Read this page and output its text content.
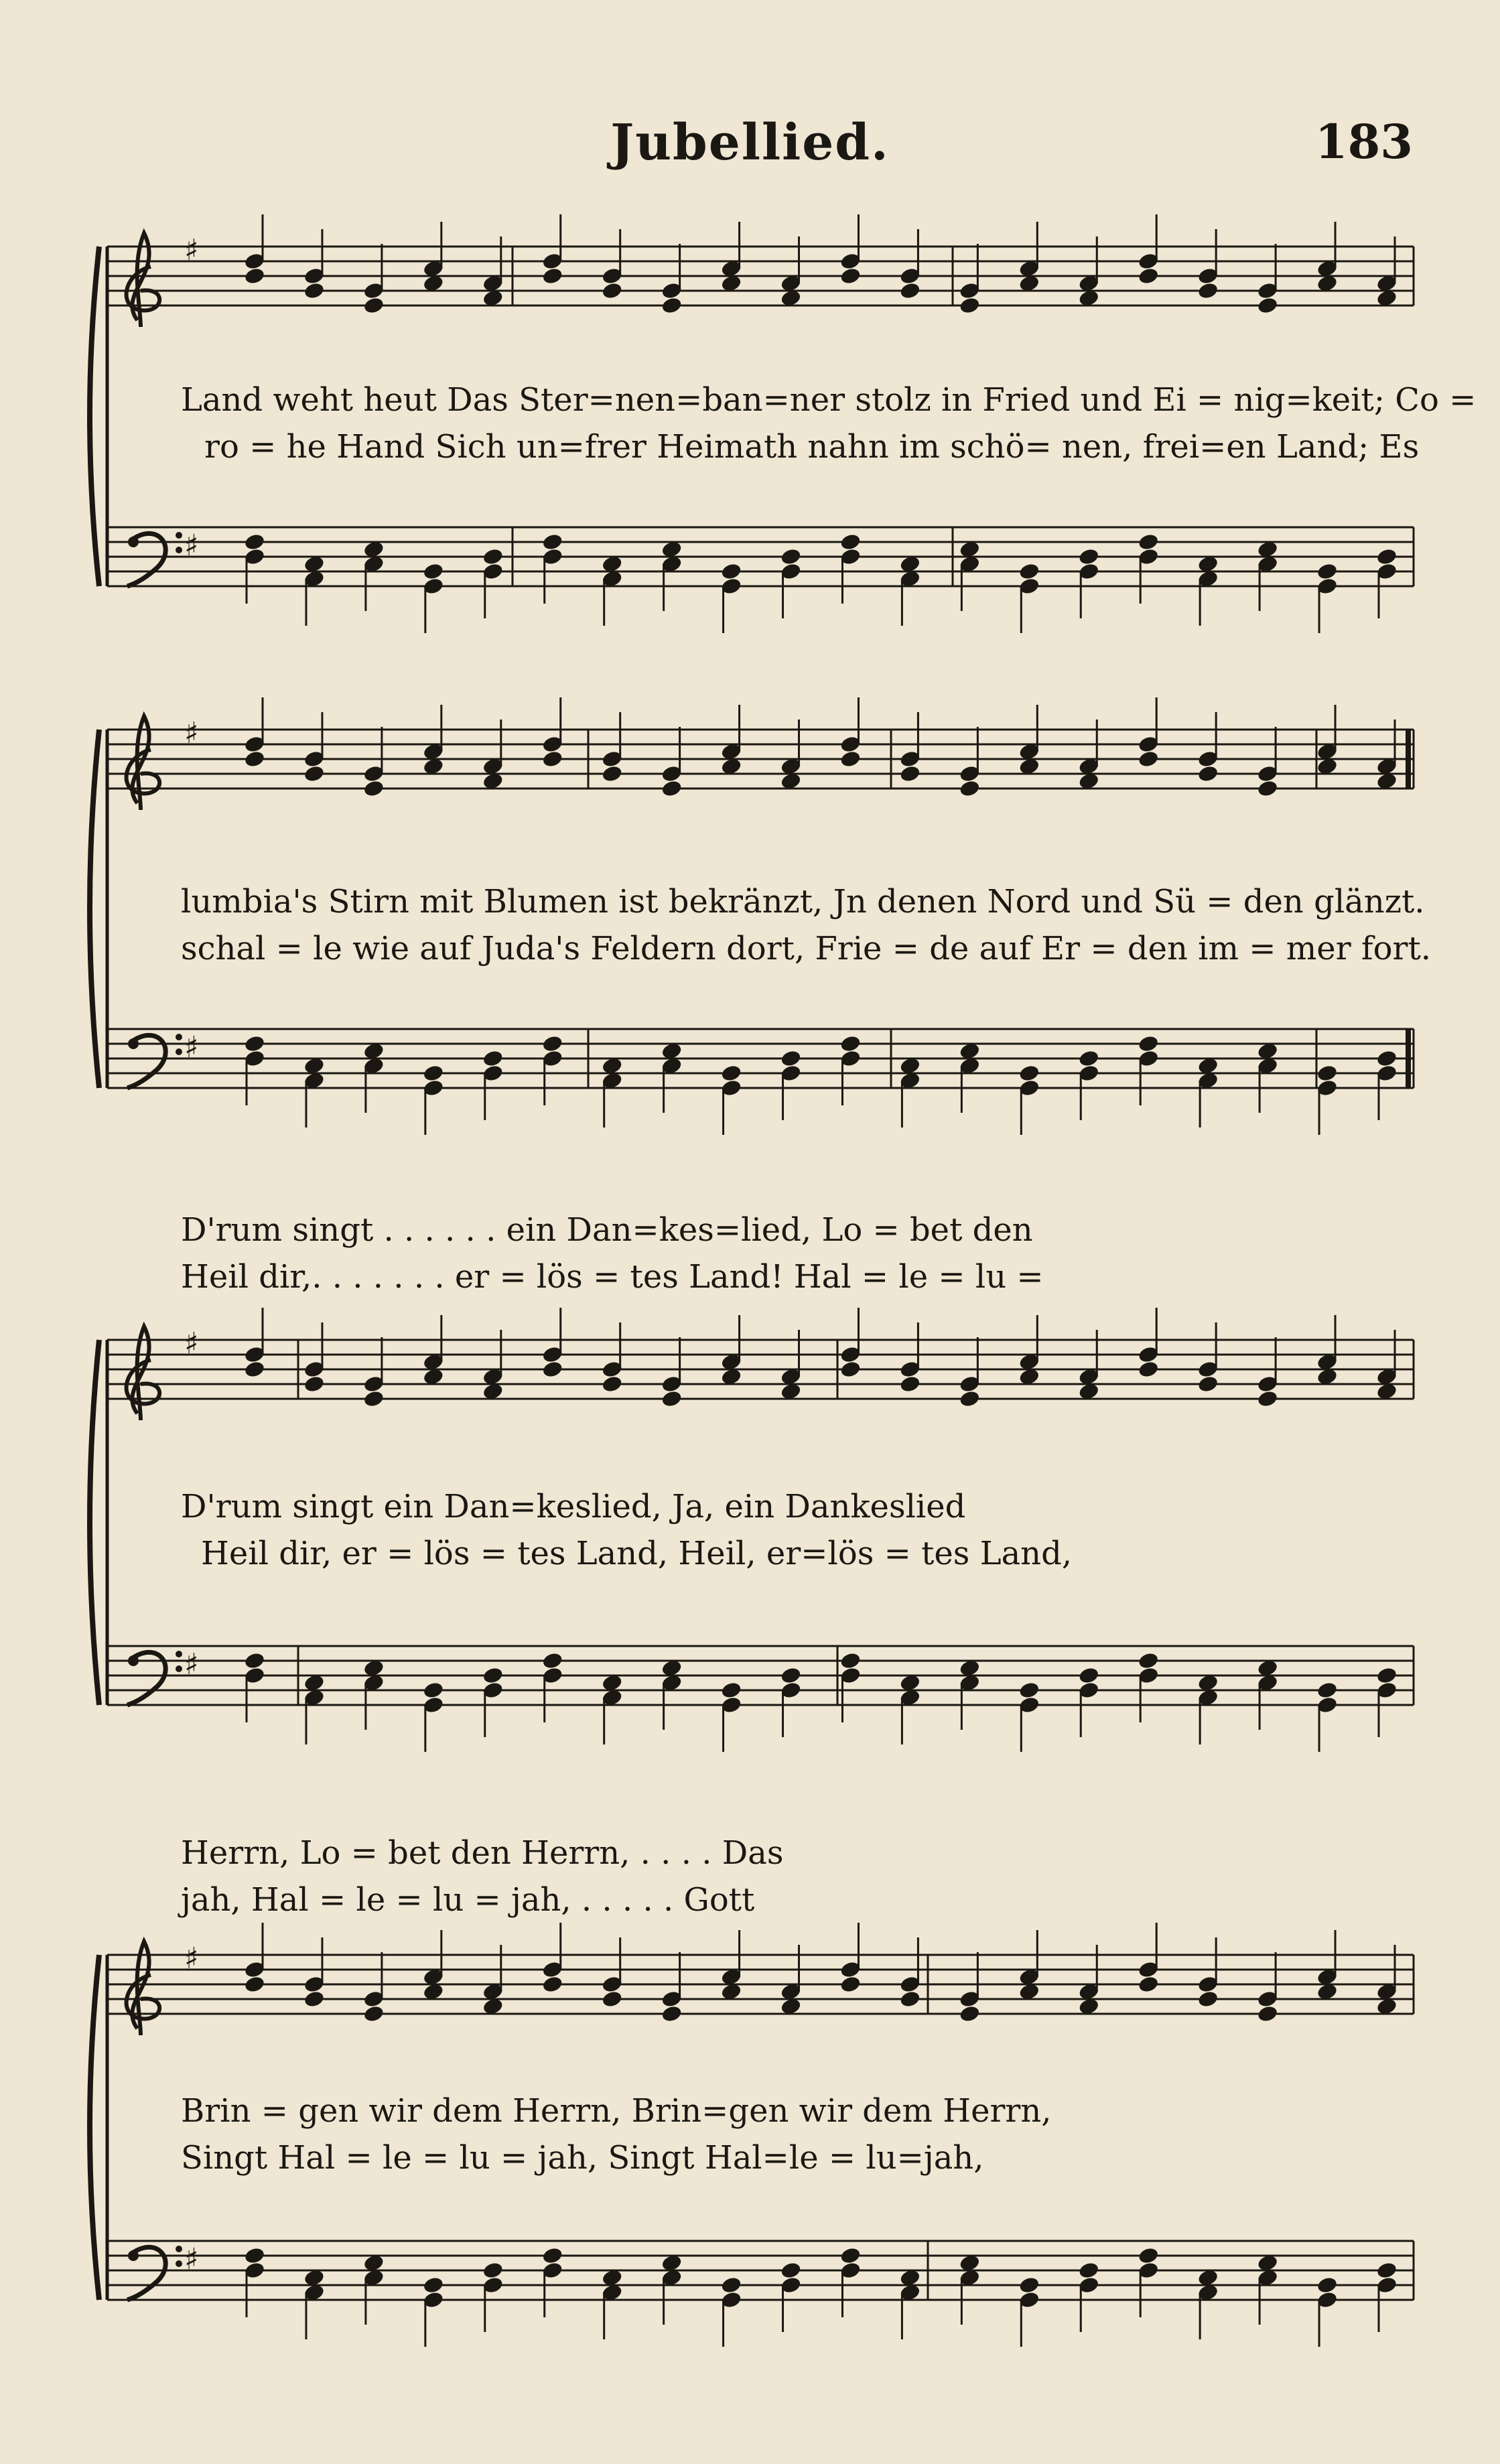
Jubellied.	183
Land weht heut Das Ster=nen=ban=ner stolz in Fried und Ei = nig=keit; Co =
ro = he Hand Sich un=frer Heimath nahn im schö= nen, frei=en Land; Es
lumbia's Stirn mit Blumen ist bekränzt, Jn denen Nord und Sü = den glänzt.
schal = le wie auf Juda's Feldern dort, Frie = de auf Er = den im = mer fort.
D'rum singt . . . . . . ein Dan=kes=lied, Lo = bet den
Heil dir,. . . . . . . er = lös = tes Land! Hal = le = lu =
D'rum singt ein Dan=keslied, Ja, ein Dankeslied
Heil dir, er = lös = tes Land, Heil, er=lös = tes Land,
Herrn, Lo = bet den Herrn, . . . . Das
jah, Hal = le = lu = jah, . . . . . Gott
Brin = gen wir dem Herrn, Brin=gen wir dem Herrn,
Singt Hal = le = lu = jah, Singt Hal=le = lu=jah,
♯
♯
♯
♯
♯
♯
♯
♯
